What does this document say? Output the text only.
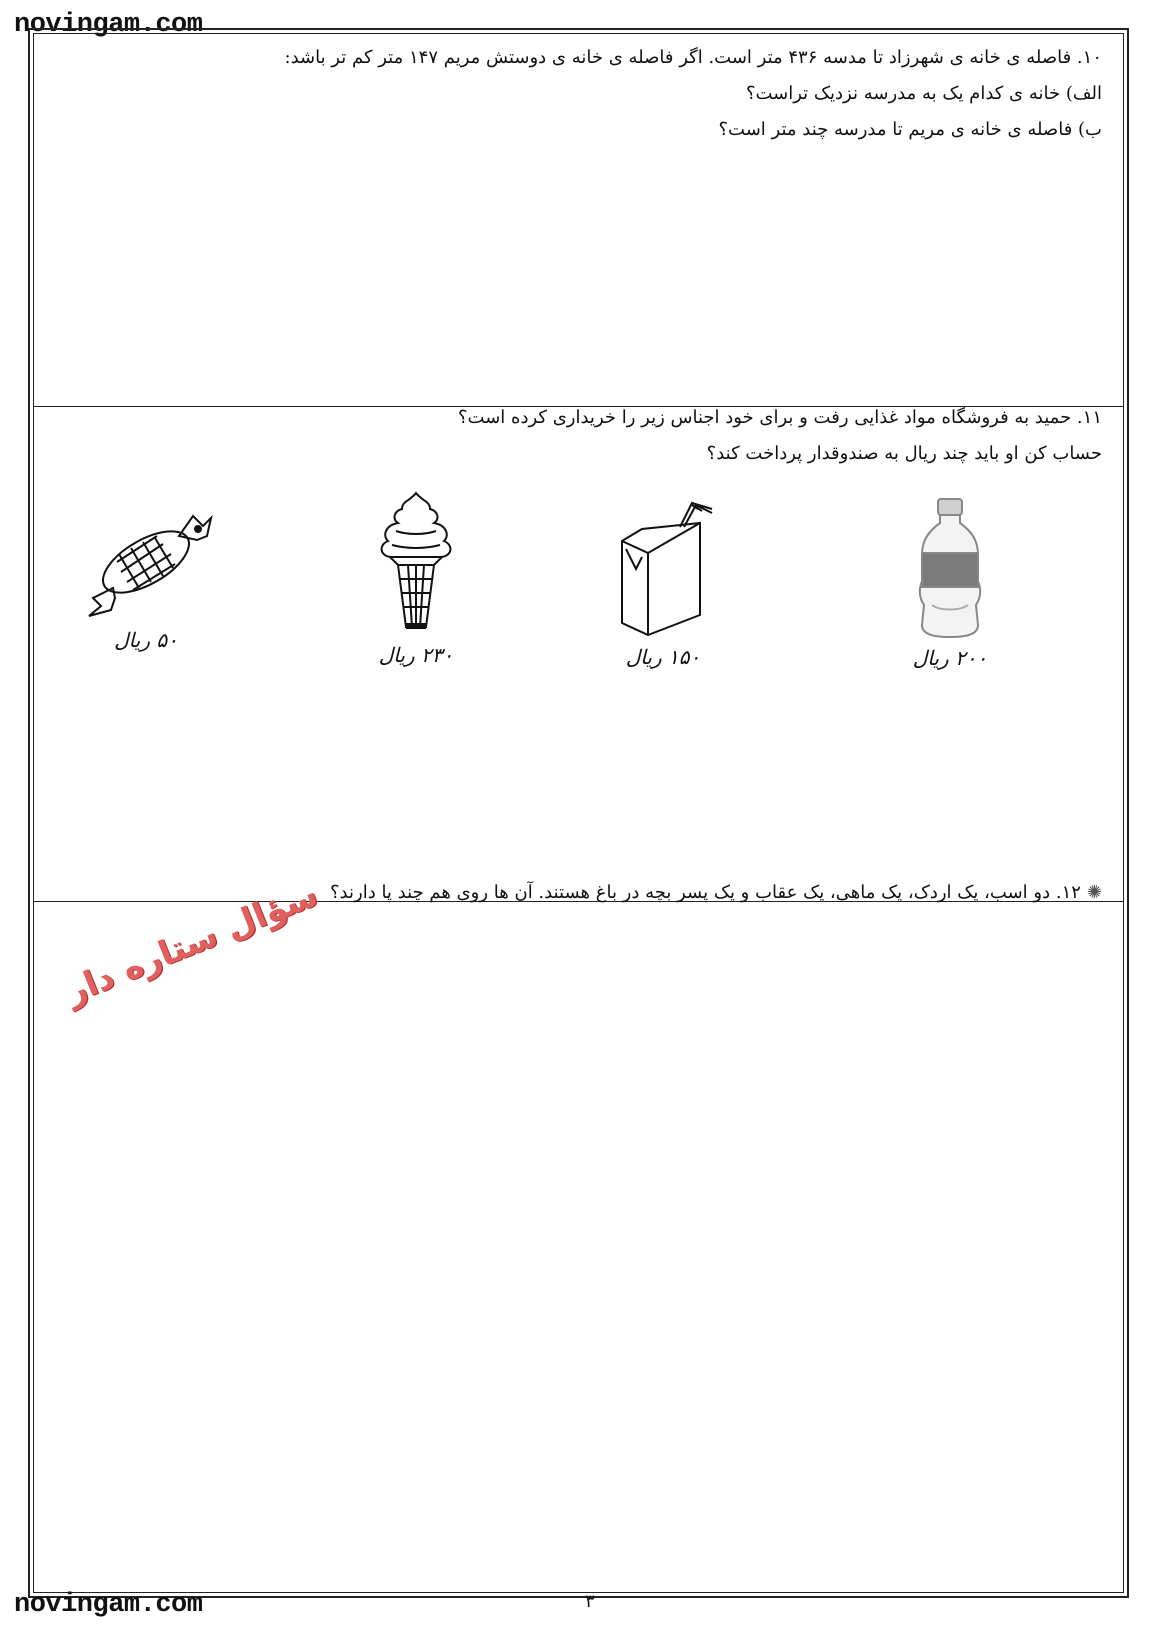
novingam.com
۱۰. فاصله ی خانه ی شهرزاد تا مدسه ۴۳۶ متر است. اگر فاصله ی خانه ی دوستش مریم ۱۴۷ متر کم تر باشد:
الف) خانه ی کدام یک به مدرسه نزدیک تراست؟
ب) فاصله ی خانه ی مریم تا مدرسه چند متر است؟
۱۱. حمید به فروشگاه مواد غذایی رفت و برای خود اجناس زیر را خریداری کرده است؟
حساب کن او باید چند ریال به صندوقدار پرداخت کند؟
۵۰ ریال
۲۳۰ ریال	۱۵۰ ریال	۲۰۰ ریال
✺۱۲. دو اسب، یک اردک، یک ماهی، یک عقاب و یک پسر بچه در باغ هستند. آن ها روی هم چند پا دارند؟
سؤال ستاره دار
novingam.com	۳
